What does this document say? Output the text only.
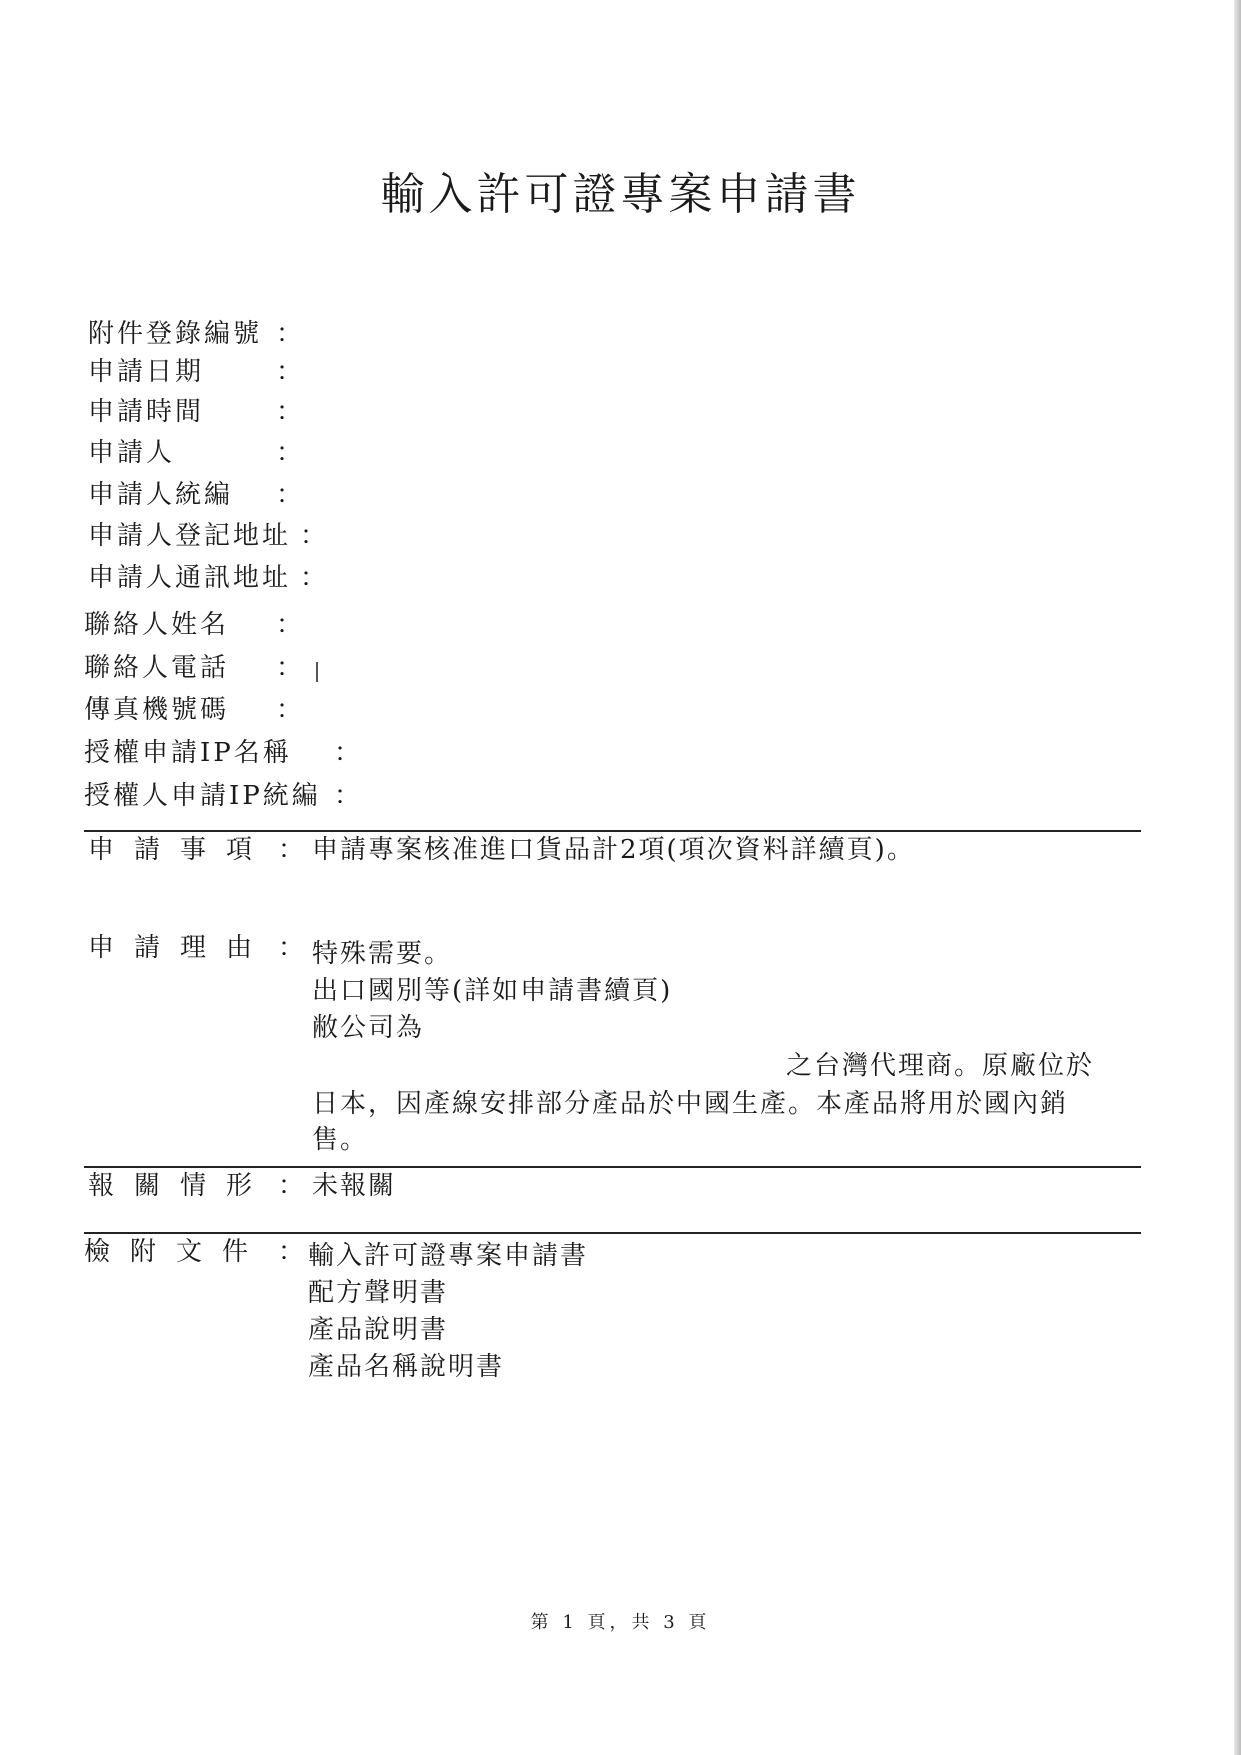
輸入許可證專案申請書
附件登錄編號 ：
申請日期	：
申請時間	：
申請人	：
申請人統編 ：
申請人登記地址 ：
申請人通訊地址 ：
聯絡人姓名 ：
聯絡人電話 ：
傳真機號碼 ：
授權申請IP名稱 ：
授權人申請IP統編 ：
申請事項 ： 申請專案核准進口貨品計2項(項次資料詳續頁)。
申請理由 ： 特殊需要。
出口國別等(詳如申請書續頁)
敝公司為
之台灣代理商。原廠位於
日本，因產線安排部分產品於中國生產。本產品將用於國內銷
售。
報關情形 ： 未報關
檢附文件 ： 輸入許可證專案申請書
配方聲明書
產品說明書
產品名稱說明書
第 1 頁，共 3 頁
